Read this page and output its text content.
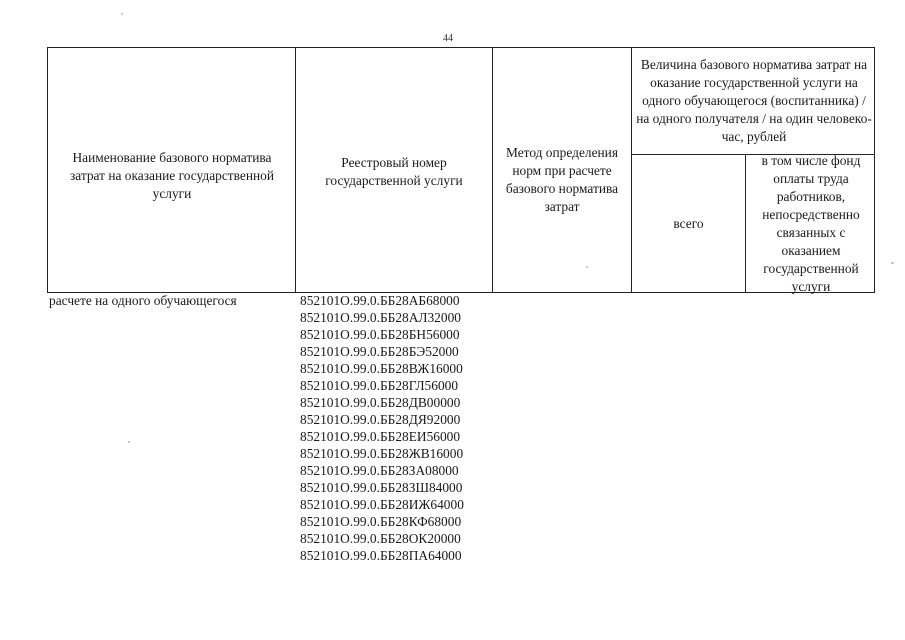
44
Наименование базового норматива затрат на оказание государственной услуги
Реестровый номер государственной услуги
Метод определения норм при расчете базового норматива затрат
Величина базового норматива затрат на оказание государственной услуги на одного обучающегося (воспитанника) / на одного получателя / на один человеко-час, рублей
всего
в том числе фонд оплаты труда работников, непосредственно связанных с оказанием государственной услуги
расчете на одного обучающегося	852101О.99.0.ББ28АБ68000
852101О.99.0.ББ28АЛ32000
852101О.99.0.ББ28БН56000
852101О.99.0.ББ28БЭ52000
852101О.99.0.ББ28ВЖ16000
852101О.99.0.ББ28ГЛ56000
852101О.99.0.ББ28ДВ00000
852101О.99.0.ББ28ДЯ92000
852101О.99.0.ББ28ЕИ56000
852101О.99.0.ББ28ЖВ16000
852101О.99.0.ББ28ЗА08000
852101О.99.0.ББ28ЗШ84000
852101О.99.0.ББ28ИЖ64000
852101О.99.0.ББ28КФ68000
852101О.99.0.ББ28ОК20000
852101О.99.0.ББ28ПА64000
